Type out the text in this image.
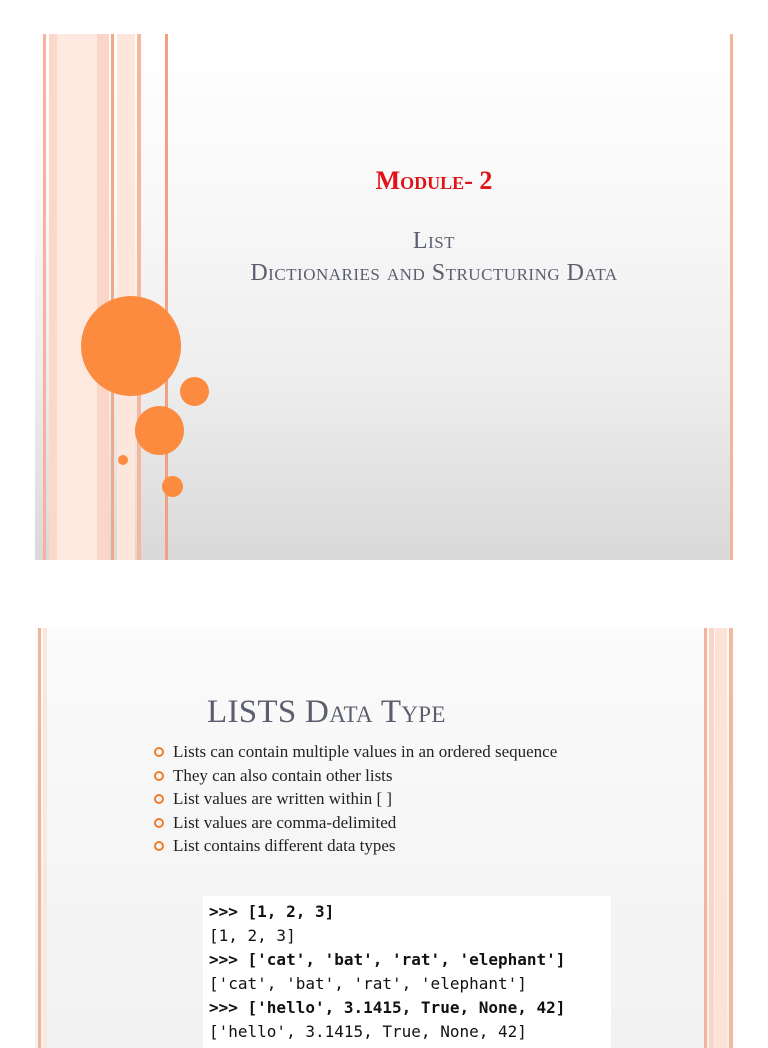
Module- 2
List
Dictionaries and Structuring Data
LISTS Data Type
Lists can contain multiple values in an ordered sequence
They can also contain other lists
List values are written within [ ]
List values are comma-delimited
List contains different data types
>>> [1, 2, 3]
[1, 2, 3]
>>> ['cat', 'bat', 'rat', 'elephant']
['cat', 'bat', 'rat', 'elephant']
>>> ['hello', 3.1415, True, None, 42]
['hello', 3.1415, True, None, 42]
